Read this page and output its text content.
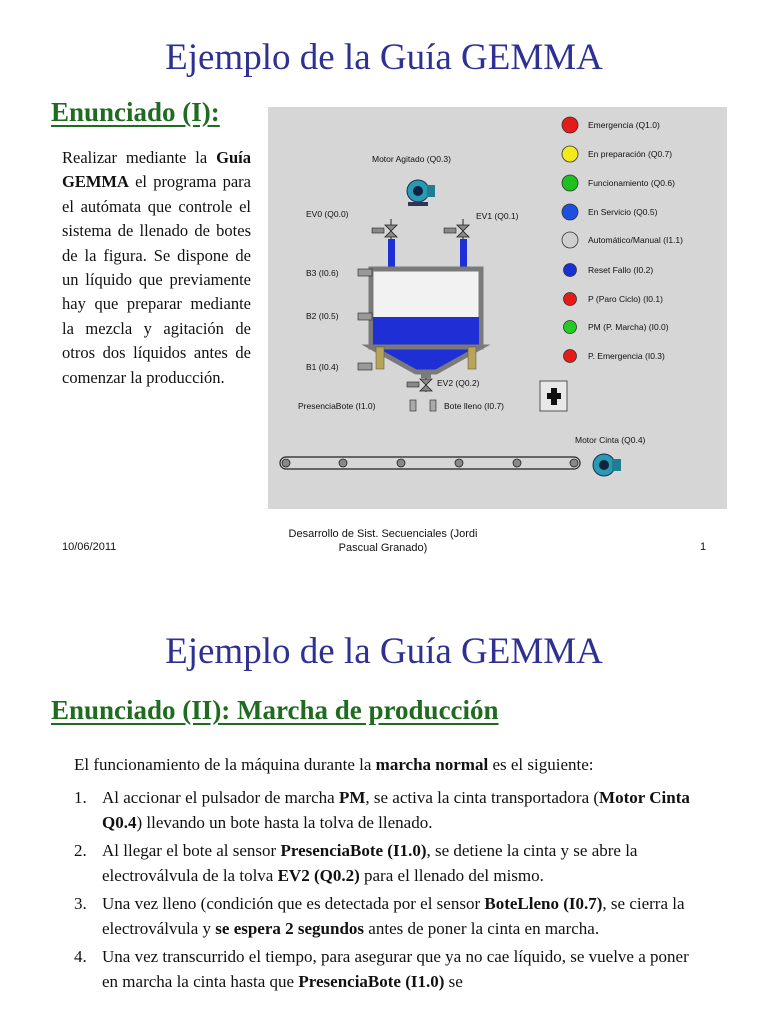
Ejemplo de la Guía GEMMA
Enunciado (I):

Realizar mediante la Guía GEMMA el programa para el autómata que controle el sistema de llenado de botes de la figura. Se dispone de un líquido que previamente hay que preparar mediante la mezcla y agitación de otros dos líquidos antes de comenzar la producción.

Motor Agitado (Q0.3)
EV0 (Q0.0)	EV1 (Q0.1)
B3 (I0.6)
B2 (I0.5)
B1 (I0.4)
EV2 (Q0.2)
PresenciaBote (I1.0)	Bote lleno (I0.7)
Motor Cinta (Q0.4)
Emergencia (Q1.0)
En preparación (Q0.7)
Funcionamiento (Q0.6)
En Servicio (Q0.5)
Automático/Manual (I1.1)
Reset Fallo (I0.2)
P (Paro Ciclo) (I0.1)
PM (P. Marcha) (I0.0)
P. Emergencia (I0.3)
10/06/2011
Desarrollo de Sist. Secuenciales (Jordi
Pascual Granado)	1
Ejemplo de la Guía GEMMA
Enunciado (II): Marcha de producción
El funcionamiento de la máquina durante la marcha normal es el siguiente:
1. Al accionar el pulsador de marcha PM, se activa la cinta transportadora (Motor Cinta Q0.4) llevando un bote hasta la tolva de llenado.
2. Al llegar el bote al sensor PresenciaBote (I1.0), se detiene la cinta y se abre la electroválvula de la tolva EV2 (Q0.2) para el llenado del mismo.
3. Una vez lleno (condición que es detectada por el sensor BoteLleno (I0.7), se cierra la electroválvula y se espera 2 segundos antes de poner la cinta en marcha.
4. Una vez transcurrido el tiempo, para asegurar que ya no cae líquido, se vuelve a poner en marcha la cinta hasta que PresenciaBote (I1.0) se
